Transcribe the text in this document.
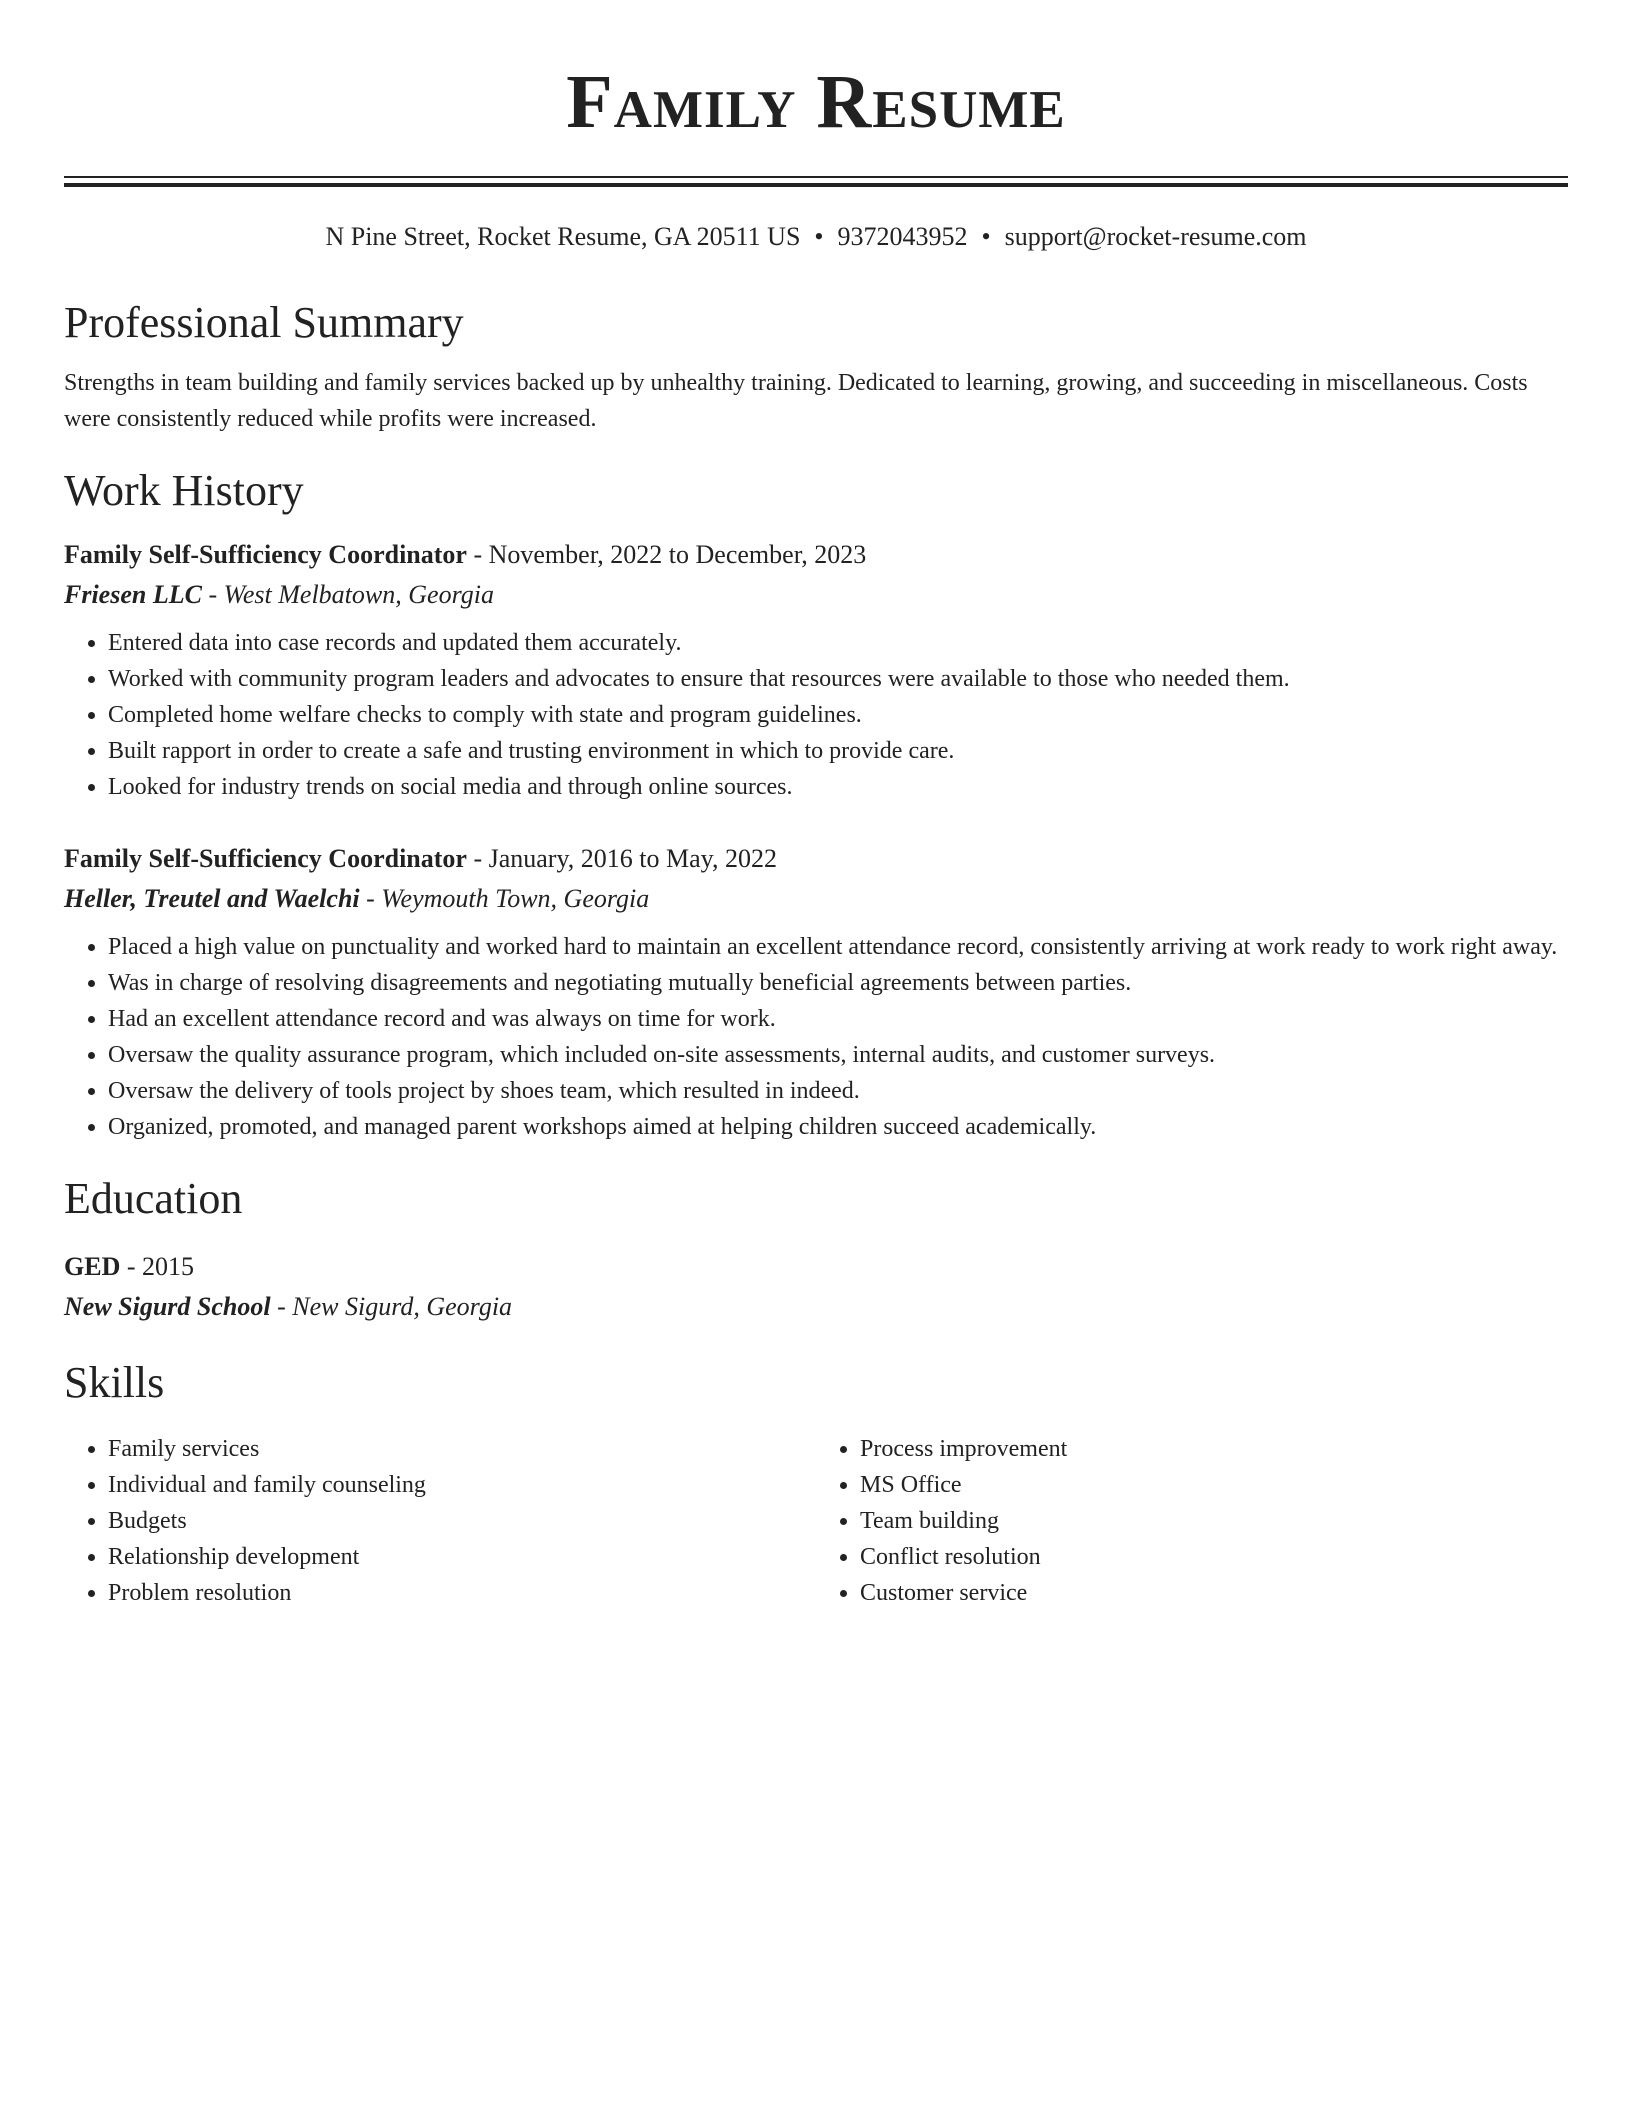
Family Resume
N Pine Street, Rocket Resume, GA 20511 US • 9372043952 • support@rocket-resume.com
Professional Summary
Strengths in team building and family services backed up by unhealthy training. Dedicated to learning, growing, and succeeding in miscellaneous. Costs were consistently reduced while profits were increased.
Work History
Family Self-Sufficiency Coordinator - November, 2022 to December, 2023
Friesen LLC - West Melbatown, Georgia
• Entered data into case records and updated them accurately.
• Worked with community program leaders and advocates to ensure that resources were available to those who needed them.
• Completed home welfare checks to comply with state and program guidelines.
• Built rapport in order to create a safe and trusting environment in which to provide care.
• Looked for industry trends on social media and through online sources.
Family Self-Sufficiency Coordinator - January, 2016 to May, 2022
Heller, Treutel and Waelchi - Weymouth Town, Georgia
• Placed a high value on punctuality and worked hard to maintain an excellent attendance record, consistently arriving at work ready to work right away.
• Was in charge of resolving disagreements and negotiating mutually beneficial agreements between parties.
• Had an excellent attendance record and was always on time for work.
• Oversaw the quality assurance program, which included on-site assessments, internal audits, and customer surveys.
• Oversaw the delivery of tools project by shoes team, which resulted in indeed.
• Organized, promoted, and managed parent workshops aimed at helping children succeed academically.
Education
GED - 2015
New Sigurd School - New Sigurd, Georgia
Skills
• Family services
• Individual and family counseling
• Budgets
• Relationship development
• Problem resolution
• Process improvement
• MS Office
• Team building
• Conflict resolution
• Customer service
